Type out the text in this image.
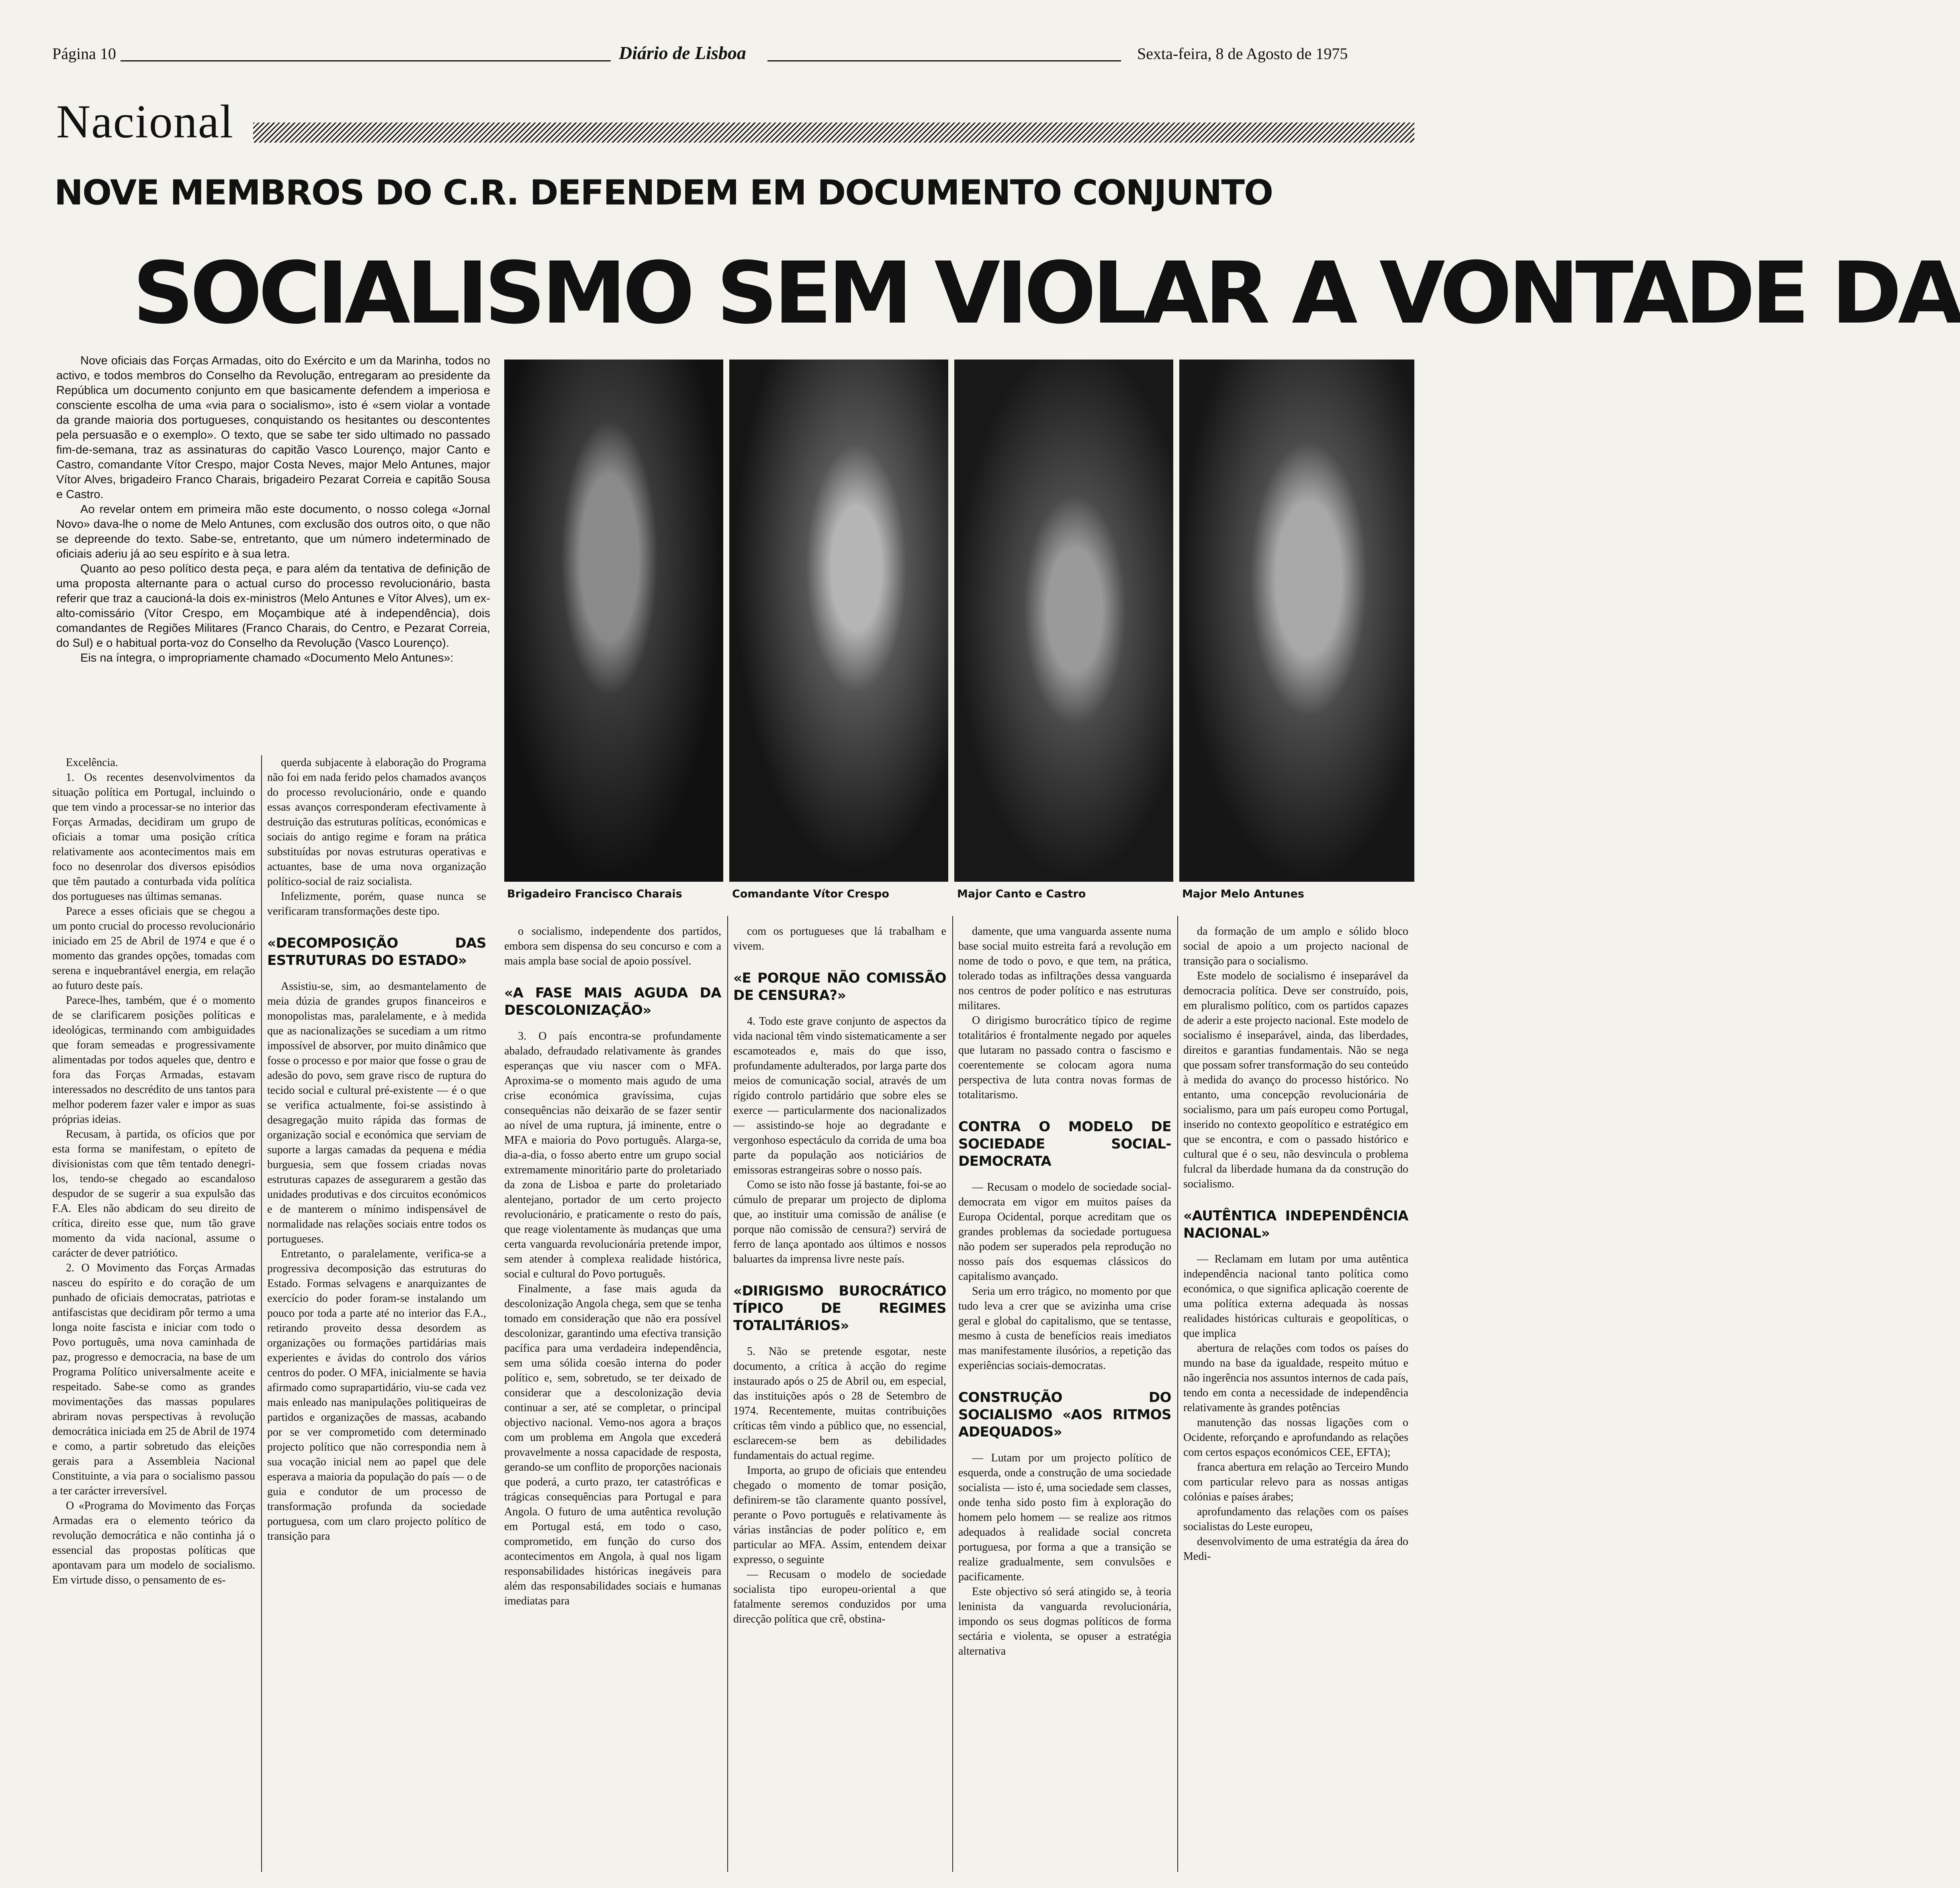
Página 10	Diário de Lisboa	Sexta-feira, 8 de Agosto de 1975
Nacional
NOVE MEMBROS DO C.R. DEFENDEM EM DOCUMENTO CONJUNTO
SOCIALISMO SEM VIOLAR A VONTADE DA

Nove oficiais das Forças Armadas, oito do Exército e um da Marinha, todos no activo, e todos membros do Conselho da Revolução, entregaram ao presidente da República um documento conjunto em que basicamente defendem a imperiosa e consciente escolha de uma «via para o socialismo», isto é «sem violar a vontade da grande maioria dos portugueses, conquistando os hesitantes ou descontentes pela persuasão e o exemplo». O texto, que se sabe ter sido ultimado no passado fim-de-semana, traz as assinaturas do capitão Vasco Lourenço, major Canto e Castro, comandante Vítor Crespo, major Costa Neves, major Melo Antunes, major Vítor Alves, brigadeiro Franco Charais, brigadeiro Pezarat Correia e capitão Sousa e Castro.

Ao revelar ontem em primeira mão este documento, o nosso colega «Jornal Novo» dava-lhe o nome de Melo Antunes, com exclusão dos outros oito, o que não se depreende do texto. Sabe-se, entretanto, que um número indeterminado de oficiais aderiu já ao seu espírito e à sua letra.

Quanto ao peso político desta peça, e para além da tentativa de definição de uma proposta alternante para o actual curso do processo revolucionário, basta referir que traz a caucioná-la dois ex-ministros (Melo Antunes e Vítor Alves), um ex-alto-comissário (Vítor Crespo, em Moçambique até à independência), dois comandantes de Regiões Militares (Franco Charais, do Centro, e Pezarat Correia, do Sul) e o habitual porta-voz do Conselho da Revolução (Vasco Lourenço).

Eis na íntegra, o impropriamente chamado «Documento Melo Antunes»:

Brigadeiro Francisco Charais	Comandante Vítor Crespo	Major Canto e Castro	Major Melo Antunes

Excelência.

1. Os recentes desenvolvimentos da situação política em Portugal, incluindo o que tem vindo a processar-se no interior das Forças Armadas, decidiram um grupo de oficiais a tomar uma posição crítica relativamente aos acontecimentos mais em foco no desenrolar dos diversos episódios que têm pautado a conturbada vida política dos portugueses nas últimas semanas.

Parece a esses oficiais que se chegou a um ponto crucial do processo revolucionário iniciado em 25 de Abril de 1974 e que é o momento das grandes opções, tomadas com serena e inquebrantável energia, em relação ao futuro deste país.

Parece-lhes, também, que é o momento de se clarificarem posições políticas e ideológicas, terminando com ambiguidades que foram semeadas e progressivamente alimentadas por todos aqueles que, dentro e fora das Forças Armadas, estavam interessados no descrédito de uns tantos para melhor poderem fazer valer e impor as suas próprias ideias.

Recusam, à partida, os ofícios que por esta forma se manifestam, o epíteto de divisionistas com que têm tentado denegri-los, tendo-se chegado ao escandaloso despudor de se sugerir a sua expulsão das F.A. Eles não abdicam do seu direito de crítica, direito esse que, num tão grave momento da vida nacional, assume o carácter de dever patriótico.

2. O Movimento das Forças Armadas nasceu do espírito e do coração de um punhado de oficiais democratas, patriotas e antifascistas que decidiram pôr termo a uma longa noite fascista e iniciar com todo o Povo português, uma nova caminhada de paz, progresso e democracia, na base de um Programa Político universalmente aceite e respeitado. Sabe-se como as grandes movimentações das massas populares abriram novas perspectivas à revolução democrática iniciada em 25 de Abril de 1974 e como, a partir sobretudo das eleições gerais para a Assembleia Nacional Constituinte, a via para o socialismo passou a ter carácter irreversível.

O «Programa do Movimento das Forças Armadas era o elemento teórico da revolução democrática e não continha já o essencial das propostas políticas que apontavam para um modelo de socialismo. Em virtude disso, o pensamento de es-

querda subjacente à elaboração do Programa não foi em nada ferido pelos chamados avanços do processo revolucionário, onde e quando essas avanços corresponderam efectivamente à destruição das estruturas políticas, económicas e sociais do antigo regime e foram na prática substituídas por novas estruturas operativas e actuantes, base de uma nova organização político-social de raiz socialista.

Infelizmente, porém, quase nunca se verificaram transformações deste tipo.

«DECOMPOSIÇÃO DAS ESTRUTURAS DO ESTADO»

Assistiu-se, sim, ao desmantelamento de meia dúzia de grandes grupos financeiros e monopolistas mas, paralelamente, e à medida que as nacionalizações se sucediam a um ritmo impossível de absorver, por muito dinâmico que fosse o processo e por maior que fosse o grau de adesão do povo, sem grave risco de ruptura do tecido social e cultural pré-existente — é o que se verifica actualmente, foi-se assistindo à desagregação muito rápida das formas de organização social e económica que serviam de suporte a largas camadas da pequena e média burguesia, sem que fossem criadas novas estruturas capazes de assegurarem a gestão das unidades produtivas e dos circuitos económicos e de manterem o mínimo indispensável de normalidade nas relações sociais entre todos os portugueses.

Entretanto, o paralelamente, verifica-se a progressiva decomposição das estruturas do Estado. Formas selvagens e anarquizantes de exercício do poder foram-se instalando um pouco por toda a parte até no interior das F.A., retirando proveito dessa desordem as organizações ou formações partidárias mais experientes e ávidas do controlo dos vários centros do poder. O MFA, inicialmente se havia afirmado como suprapartidário, viu-se cada vez mais enleado nas manipulações politiqueiras de partidos e organizações de massas, acabando por se ver comprometido com determinado projecto político que não correspondia nem à sua vocação inicial nem ao papel que dele esperava a maioria da população do país — o de guia e condutor de um processo de transformação profunda da sociedade portuguesa, com um claro projecto político de transição para

o socialismo, independente dos partidos, embora sem dispensa do seu concurso e com a mais ampla base social de apoio possível.

«A FASE MAIS AGUDA DA DESCOLONIZAÇÃO»

3. O país encontra-se profundamente abalado, defraudado relativamente às grandes esperanças que viu nascer com o MFA. Aproxima-se o momento mais agudo de uma crise económica gravíssima, cujas consequências não deixarão de se fazer sentir ao nível de uma ruptura, já iminente, entre o MFA e maioria do Povo português. Alarga-se, dia-a-dia, o fosso aberto entre um grupo social extremamente minoritário parte do proletariado da zona de Lisboa e parte do proletariado alentejano, portador de um certo projecto revolucionário, e praticamente o resto do país, que reage violentamente às mudanças que uma certa vanguarda revolucionária pretende impor, sem atender à complexa realidade histórica, social e cultural do Povo português.

Finalmente, a fase mais aguda da descolonização Angola chega, sem que se tenha tomado em consideração que não era possível descolonizar, garantindo uma efectiva transição pacífica para uma verdadeira independência, sem uma sólida coesão interna do poder político e, sem, sobretudo, se ter deixado de considerar que a descolonização devia continuar a ser, até se completar, o principal objectivo nacional. Vemo-nos agora a braços com um problema em Angola que excederá provavelmente a nossa capacidade de resposta, gerando-se um conflito de proporções nacionais que poderá, a curto prazo, ter catastróficas e trágicas consequências para Portugal e para Angola. O futuro de uma autêntica revolução em Portugal está, em todo o caso, comprometido, em função do curso dos acontecimentos em Angola, à qual nos ligam responsabilidades históricas inegáveis para além das responsabilidades sociais e humanas imediatas para

com os portugueses que lá trabalham e vivem.

«E PORQUE NÃO COMISSÃO DE CENSURA?»

4. Todo este grave conjunto de aspectos da vida nacional têm vindo sistematicamente a ser escamoteados e, mais do que isso, profundamente adulterados, por larga parte dos meios de comunicação social, através de um rígido controlo partidário que sobre eles se exerce — particularmente dos nacionalizados — assistindo-se hoje ao degradante e vergonhoso espectáculo da corrida de uma boa parte da população aos noticiários de emissoras estrangeiras sobre o nosso país.

Como se isto não fosse já bastante, foi-se ao cúmulo de preparar um projecto de diploma que, ao instituir uma comissão de análise (e porque não comissão de censura?) servirá de ferro de lança apontado aos últimos e nossos baluartes da imprensa livre neste país.

«DIRIGISMO BUROCRÁTICO TÍPICO DE REGIMES TOTALITÁRIOS»

5. Não se pretende esgotar, neste documento, a crítica à acção do regime instaurado após o 25 de Abril ou, em especial, das instituições após o 28 de Setembro de 1974. Recentemente, muitas contribuições críticas têm vindo a público que, no essencial, esclarecem-se bem as debilidades fundamentais do actual regime.

Importa, ao grupo de oficiais que entendeu chegado o momento de tomar posição, definirem-se tão claramente quanto possível, perante o Povo português e relativamente às várias instâncias de poder político e, em particular ao MFA. Assim, entendem deixar expresso, o seguinte

— Recusam o modelo de sociedade socialista tipo europeu-oriental a que fatalmente seremos conduzidos por uma direcção política que crê, obstina-

damente, que uma vanguarda assente numa base social muito estreita fará a revolução em nome de todo o povo, e que tem, na prática, tolerado todas as infiltrações dessa vanguarda nos centros de poder político e nas estruturas militares.

O dirigismo burocrático típico de regime totalitários é frontalmente negado por aqueles que lutaram no passado contra o fascismo e coerentemente se colocam agora numa perspectiva de luta contra novas formas de totalitarismo.

CONTRA O MODELO DE SOCIEDADE SOCIAL-DEMOCRATA

— Recusam o modelo de sociedade social-democrata em vigor em muitos países da Europa Ocidental, porque acreditam que os grandes problemas da sociedade portuguesa não podem ser superados pela reprodução no nosso país dos esquemas clássicos do capitalismo avançado.

Seria um erro trágico, no momento por que tudo leva a crer que se avizinha uma crise geral e global do capitalismo, que se tentasse, mesmo à custa de benefícios reais imediatos mas manifestamente ilusórios, a repetição das experiências sociais-democratas.

CONSTRUÇÃO DO SOCIALISMO «AOS RITMOS ADEQUADOS»

— Lutam por um projecto político de esquerda, onde a construção de uma sociedade socialista — isto é, uma sociedade sem classes, onde tenha sido posto fim à exploração do homem pelo homem — se realize aos ritmos adequados à realidade social concreta portuguesa, por forma a que a transição se realize gradualmente, sem convulsões e pacificamente.

Este objectivo só será atingido se, à teoria leninista da vanguarda revolucionária, impondo os seus dogmas políticos de forma sectária e violenta, se opuser a estratégia alternativa

da formação de um amplo e sólido bloco social de apoio a um projecto nacional de transição para o socialismo.

Este modelo de socialismo é inseparável da democracia política. Deve ser construído, pois, em pluralismo político, com os partidos capazes de aderir a este projecto nacional. Este modelo de socialismo é inseparável, ainda, das liberdades, direitos e garantias fundamentais. Não se nega que possam sofrer transformação do seu conteúdo à medida do avanço do processo histórico. No entanto, uma concepção revolucionária de socialismo, para um país europeu como Portugal, inserido no contexto geopolítico e estratégico em que se encontra, e com o passado histórico e cultural que é o seu, não desvincula o problema fulcral da liberdade humana da da construção do socialismo.

«AUTÊNTICA INDEPENDÊNCIA NACIONAL»

— Reclamam em lutam por uma autêntica independência nacional tanto política como económica, o que significa aplicação coerente de uma política externa adequada às nossas realidades históricas culturais e geopolíticas, o que implica

abertura de relações com todos os países do mundo na base da igualdade, respeito mútuo e não ingerência nos assuntos internos de cada país, tendo em conta a necessidade de independência relativamente às grandes potências

manutenção das nossas ligações com o Ocidente, reforçando e aprofundando as relações com certos espaços económicos CEE, EFTA);

franca abertura em relação ao Terceiro Mundo com particular relevo para as nossas antigas colónias e países árabes;

aprofundamento das relações com os países socialistas do Leste europeu,

desenvolvimento de uma estratégia da área do Medi-
